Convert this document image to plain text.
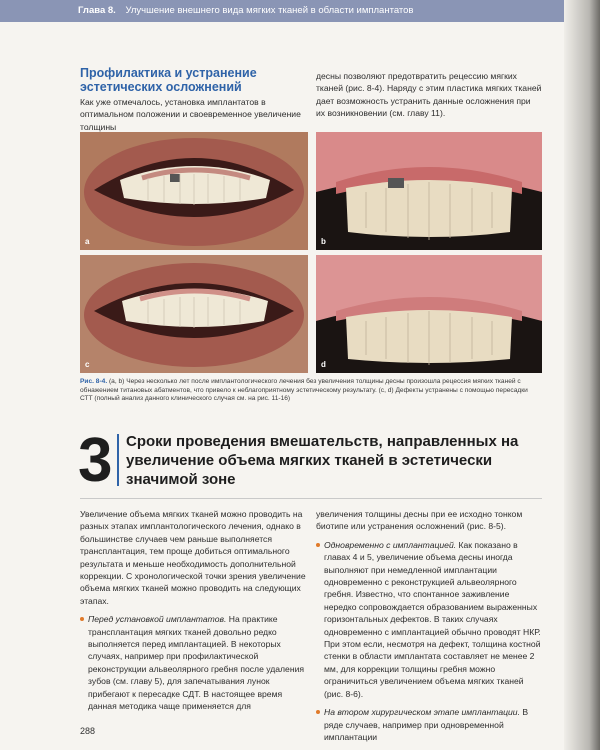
Глава 8. Улучшение внешнего вида мягких тканей в области имплантатов
Профилактика и устранение эстетических осложнений
Как уже отмечалось, установка имплантатов в оптимальном положении и своевременное увеличение толщины
десны позволяют предотвратить рецессию мягких тканей (рис. 8-4). Наряду с этим пластика мягких тканей дает возможность устранить данные осложнения при их возникновении (см. главу 11).
a	b
c	d
Рис. 8-4. (a, b) Через несколько лет после имплантологического лечения без увеличения толщины десны произошла рецессия мягких тканей с обнажением титановых абатментов, что привело к неблагоприятному эстетическому результату. (c, d) Дефекты устранены с помощью пересадки СТТ (полный анализ данного клинического случая см. на рис. 11-16)
3 Сроки проведения вмешательств, направленных на увеличение объема мягких тканей в эстетически значимой зоне

Увеличение объема мягких тканей можно проводить на разных этапах имплантологического лечения, однако в большинстве случаев чем раньше выполняется трансплантация, тем проще добиться оптимального результата и меньше необходимость дополнительной коррекции. С хронологической точки зрения увеличение объема мягких тканей можно проводить на следующих этапах.

Перед установкой имплантатов. На практике трансплантация мягких тканей довольно редко выполняется перед имплантацией. В некоторых случаях, например при профилактической реконструкции альвеолярного гребня после удаления зубов (см. главу 5), для запечатывания лунок прибегают к пересадке СДТ. В настоящее время данная методика чаще применяется для

увеличения толщины десны при ее исходно тонком биотипе или устранения осложнений (рис. 8-5).

Одновременно с имплантацией. Как показано в главах 4 и 5, увеличение объема десны иногда выполняют при немедленной имплантации одновременно с реконструкцией альвеолярного гребня. Известно, что спонтанное заживление нередко сопровождается образованием выраженных горизонтальных дефектов. В таких случаях одновременно с имплантацией обычно проводят НКР. При этом если, несмотря на дефект, толщина костной стенки в области имплантата составляет не менее 2 мм, для коррекции толщины гребня можно ограничиться увеличением объема мягких тканей (рис. 8-6).

На втором хирургическом этапе имплантации. В ряде случаев, например при одновременной имплантации

288
